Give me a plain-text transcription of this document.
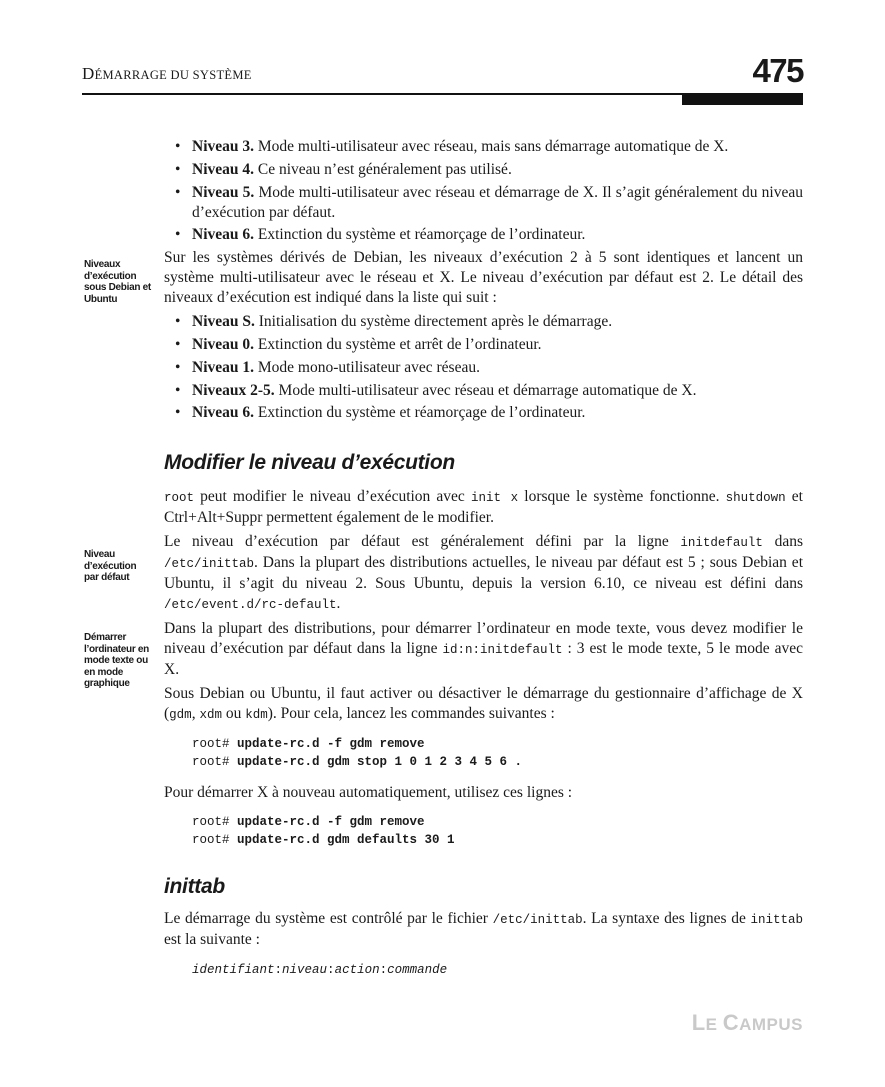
DÉMARRAGE DU SYSTÈME	475
Niveaux
d’exécution
sous Debian et
Ubuntu
Niveau
d’exécution
par défaut
Démarrer
l’ordinateur en
mode texte ou
en mode
graphique
• Niveau 3. Mode multi-utilisateur avec réseau, mais sans démarrage automatique de X.
• Niveau 4. Ce niveau n’est généralement pas utilisé.
• Niveau 5. Mode multi-utilisateur avec réseau et démarrage de X. Il s’agit généralement du niveau d’exécution par défaut.
• Niveau 6. Extinction du système et réamorçage de l’ordinateur.

Sur les systèmes dérivés de Debian, les niveaux d’exécution 2 à 5 sont identiques et lancent un système multi-utilisateur avec le réseau et X. Le niveau d’exécution par défaut est 2. Le détail des niveaux d’exécution est indiqué dans la liste qui suit :

• Niveau S. Initialisation du système directement après le démarrage.
• Niveau 0. Extinction du système et arrêt de l’ordinateur.
• Niveau 1. Mode mono-utilisateur avec réseau.
• Niveaux 2-5. Mode multi-utilisateur avec réseau et démarrage automatique de X.
• Niveau 6. Extinction du système et réamorçage de l’ordinateur.
Modifier le niveau d’exécution

root peut modifier le niveau d’exécution avec init x lorsque le système fonctionne. shutdown et Ctrl+Alt+Suppr permettent également de le modifier.

Le niveau d’exécution par défaut est généralement défini par la ligne initdefault dans /etc/inittab. Dans la plupart des distributions actuelles, le niveau par défaut est 5 ; sous Debian et Ubuntu, il s’agit du niveau 2. Sous Ubuntu, depuis la version 6.10, ce niveau est défini dans /etc/event.d/rc-default.

Dans la plupart des distributions, pour démarrer l’ordinateur en mode texte, vous devez modifier le niveau d’exécution par défaut dans la ligne id:n:initdefault : 3 est le mode texte, 5 le mode avec X.

Sous Debian ou Ubuntu, il faut activer ou désactiver le démarrage du gestionnaire d’affichage de X (gdm, xdm ou kdm). Pour cela, lancez les commandes suivantes :

root# update-rc.d -f gdm remove
root# update-rc.d gdm stop 1 0 1 2 3 4 5 6 .

Pour démarrer X à nouveau automatiquement, utilisez ces lignes :

root# update-rc.d -f gdm remove
root# update-rc.d gdm defaults 30 1
inittab

Le démarrage du système est contrôlé par le fichier /etc/inittab. La syntaxe des lignes de inittab est la suivante :

identifiant:niveau:action:commande
LE CAMPUS
